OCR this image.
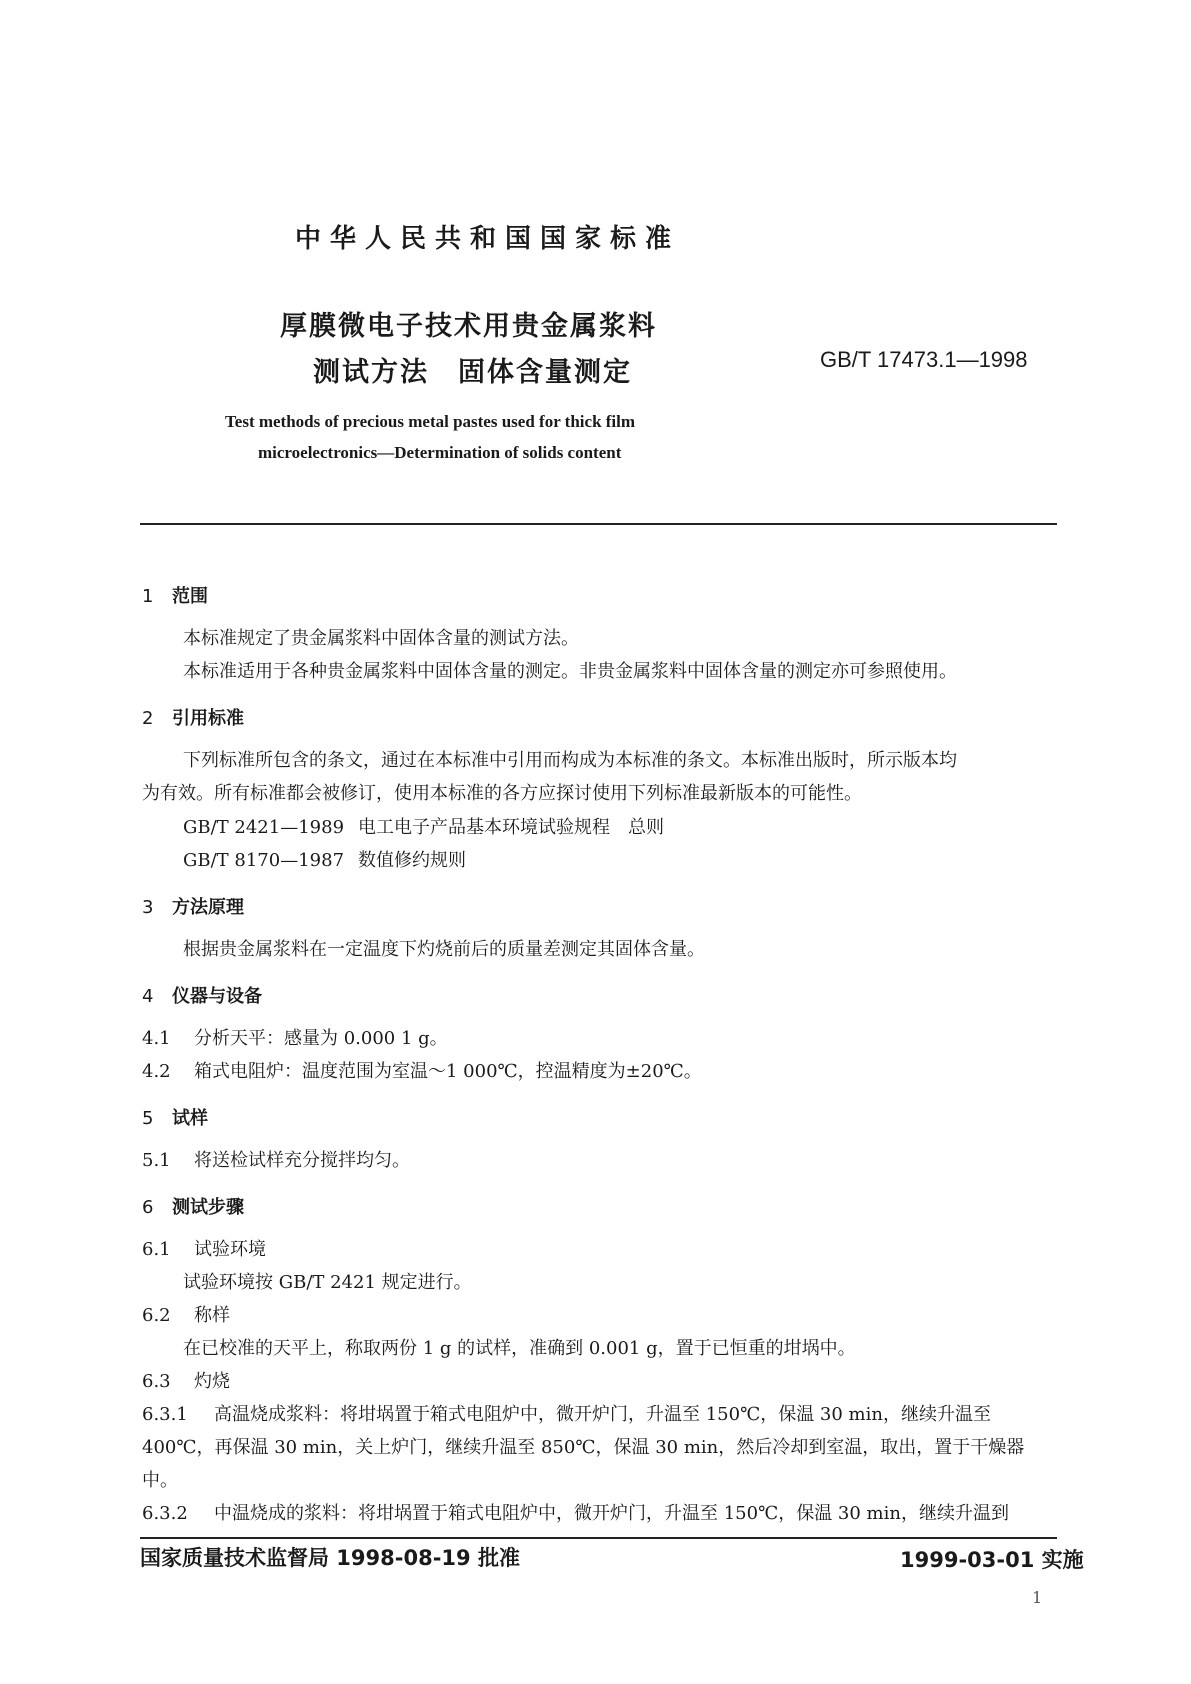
中华人民共和国国家标准
厚膜微电子技术用贵金属浆料
测试方法　固体含量测定	GB/T 17473.1—1998
Test methods of precious metal pastes used for thick film
microelectronics—Determination of solids content
1 范围
本标准规定了贵金属浆料中固体含量的测试方法。
本标准适用于各种贵金属浆料中固体含量的测定。非贵金属浆料中固体含量的测定亦可参照使用。
2 引用标准
下列标准所包含的条文，通过在本标准中引用而构成为本标准的条文。本标准出版时，所示版本均
为有效。所有标准都会被修订，使用本标准的各方应探讨使用下列标准最新版本的可能性。
GB/T 2421—1989 电工电子产品基本环境试验规程　总则
GB/T 8170—1987 数值修约规则
3 方法原理
根据贵金属浆料在一定温度下灼烧前后的质量差测定其固体含量。
4 仪器与设备
4.1 分析天平：感量为 0.000 1 g。
4.2 箱式电阻炉：温度范围为室温～1 000℃，控温精度为±20℃。
5 试样
5.1 将送检试样充分搅拌均匀。
6 测试步骤
6.1 试验环境
试验环境按 GB/T 2421 规定进行。
6.2 称样
在已校准的天平上，称取两份 1 g 的试样，准确到 0.001 g，置于已恒重的坩埚中。
6.3 灼烧
6.3.1 高温烧成浆料：将坩埚置于箱式电阻炉中，微开炉门，升温至 150℃，保温 30 min，继续升温至
400℃，再保温 30 min，关上炉门，继续升温至 850℃，保温 30 min，然后冷却到室温，取出，置于干燥器
中。
6.3.2 中温烧成的浆料：将坩埚置于箱式电阻炉中，微开炉门，升温至 150℃，保温 30 min，继续升温到
国家质量技术监督局 1998-08-19 批准	1999-03-01 实施
1
